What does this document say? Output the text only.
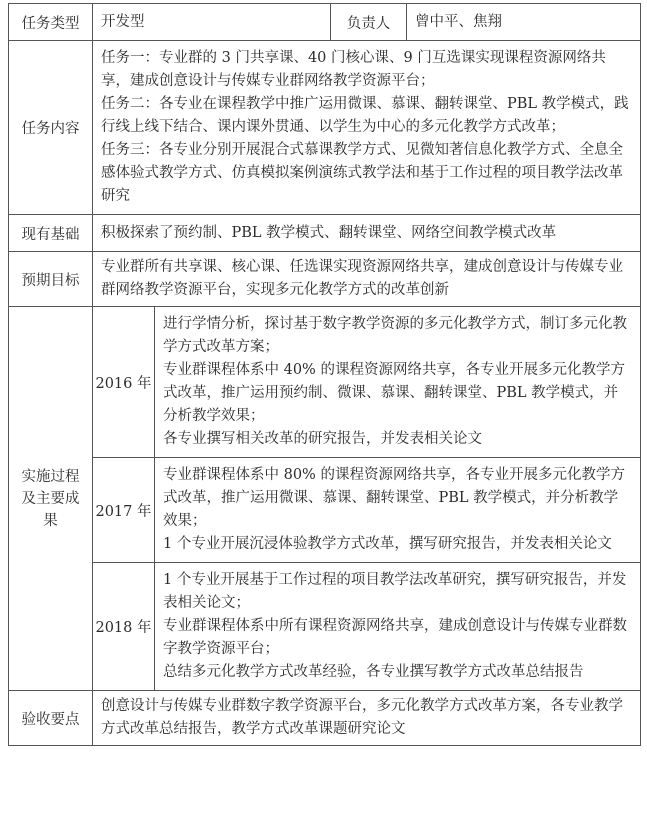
任务类型	开发型		负责人	曾中平、焦翔
任务内容	任务一：专业群的 3 门共享课、40 门核心课、9 门互选课实现课程资源网络共享，建成创意设计与传媒专业群网络教学资源平台；
任务二：各专业在课程教学中推广运用微课、慕课、翻转课堂、PBL 教学模式，践行线上线下结合、课内课外贯通、以学生为中心的多元化教学方式改革；
任务三：各专业分别开展混合式慕课教学方式、见微知著信息化教学方式、全息全感体验式教学方式、仿真模拟案例演练式教学法和基于工作过程的项目教学法改革研究			

现有基础	积极探索了预约制、PBL 教学模式、翻转课堂、网络空间教学模式改革			
预期目标	专业群所有共享课、核心课、任选课实现资源网络共享，建成创意设计与传媒专业群网络教学资源平台，实现多元化教学方式的改革创新			
实施过程及主要成果	2016 年	进行学情分析，探讨基于数字教学资源的多元化教学方式，制订多元化教学方式改革方案；
专业群课程体系中 40% 的课程资源网络共享，各专业开展多元化教学方式改革，推广运用预约制、微课、慕课、翻转课堂、PBL 教学模式，并分析教学效果；
各专业撰写相关改革的研究报告，并发表相关论文		

	2017 年	专业群课程体系中 80% 的课程资源网络共享，各专业开展多元化教学方式改革，推广运用微课、慕课、翻转课堂、PBL 教学模式，并分析教学效果；
1 个专业开展沉浸体验教学方式改革，撰写研究报告，并发表相关论文		

	2018 年	1 个专业开展基于工作过程的项目教学法改革研究，撰写研究报告，并发表相关论文；
专业群课程体系中所有课程资源网络共享，建成创意设计与传媒专业群数字教学资源平台；
总结多元化教学方式改革经验，各专业撰写教学方式改革总结报告		

验收要点	创意设计与传媒专业群数字教学资源平台，多元化教学方式改革方案，各专业教学方式改革总结报告，教学方式改革课题研究论文			
